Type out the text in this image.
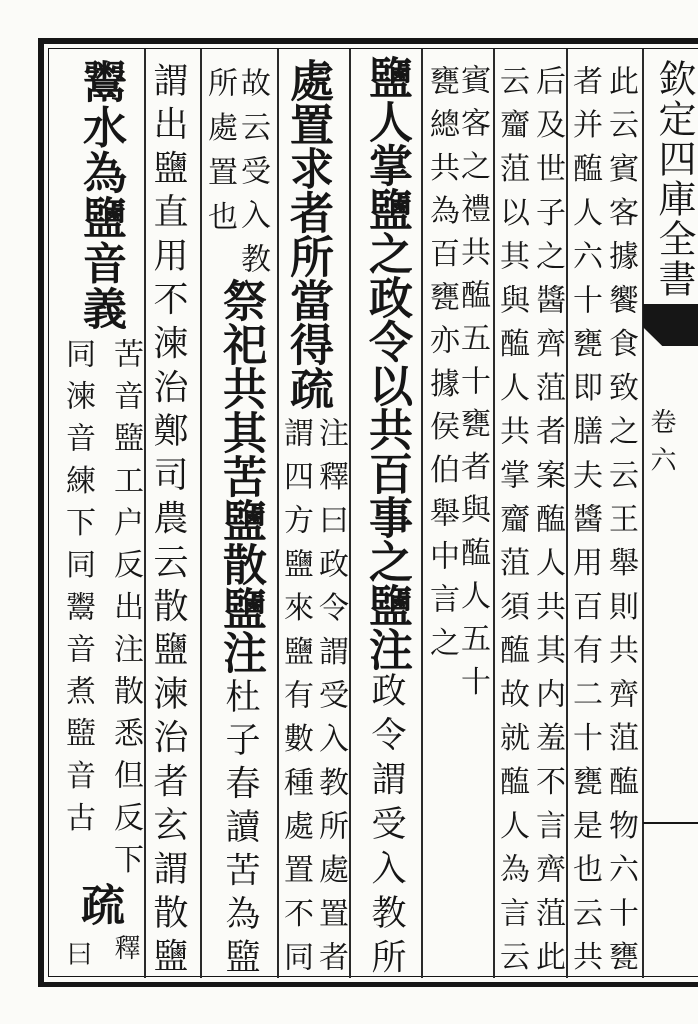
欽定四庫全書
卷六
此云賓客據饗食致之云王舉則共齊菹醢物六十甕
者并醢人六十甕即膳夫醬用百有二十甕是也云共
后及世子之醬齊菹者案醢人共其内羞不言齊菹此
云齏菹以其與醢人共掌齏菹須醢故就醢人為言云
賓客之禮共醢五十甕者與醢人五十
甕總共為百甕亦據侯伯舉中言之
鹽人掌鹽之政令以共百事之鹽注
政令謂受入教所
處置求者所當得疏
注釋曰政令謂受入教所處置者
謂四方鹽來鹽有數種處置不同
故云受入教
所處置也
祭祀共其苦鹽散鹽注
杜子春讀苦為盬
謂出鹽直用不湅治鄭司農云散鹽湅治者玄謂散鹽
鬻水為鹽音義
苦音盬工户反出注散悉但反下
同湅音練下同鬻音煮盬音古
疏
釋
曰
